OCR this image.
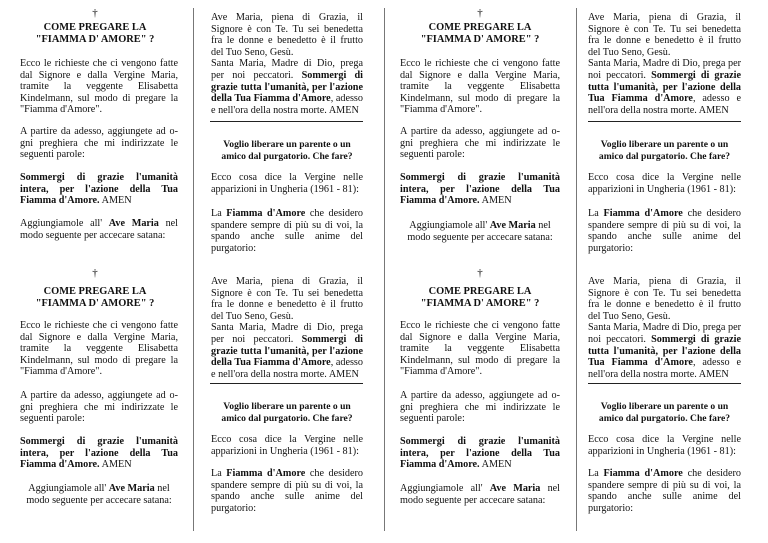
†
COME PREGARE LA
"FIAMMA D' AMORE" ?

Ecco le richieste che ci vengono fatte dal Signore e dalla Vergine Maria, tramite la veggente Elisabetta Kindelmann, sul modo di pregare la "Fiamma d'Amore".

A partire da adesso, aggiungete ad o-gni preghiera che mi indirizzate le seguenti parole:

Sommergi di grazie l'umanità intera, per l'azione della Tua Fiamma d'Amore. AMEN

Aggiungiamole all' Ave Maria nel modo seguente per accecare satana:

Ave Maria, piena di Grazia, il Signore è con Te. Tu sei benedetta fra le donne e benedetto è il frutto del Tuo Seno, Gesù.
Santa Maria, Madre di Dio, prega per noi peccatori. Sommergi di grazie tutta l'umanità, per l'azione della Tua Fiamma d'Amore, adesso e nell'ora della nostra morte. AMEN

Voglio liberare un parente o un amico dal purgatorio. Che fare?

Ecco cosa dice la Vergine nelle apparizioni in Ungheria (1961 - 81):

La Fiamma d'Amore che desidero spandere sempre di più su di voi, la spando anche sulle anime del purgatorio:

†
COME PREGARE LA
"FIAMMA D' AMORE" ?

Ecco le richieste che ci vengono fatte dal Signore e dalla Vergine Maria, tramite la veggente Elisabetta Kindelmann, sul modo di pregare la "Fiamma d'Amore".

A partire da adesso, aggiungete ad o-gni preghiera che mi indirizzate le seguenti parole:

Sommergi di grazie l'umanità intera, per l'azione della Tua Fiamma d'Amore. AMEN

Aggiungiamole all' Ave Maria nel modo seguente per accecare satana:

Ave Maria, piena di Grazia, il Signore è con Te. Tu sei benedetta fra le donne e benedetto è il frutto del Tuo Seno, Gesù.
Santa Maria, Madre di Dio, prega per noi peccatori. Sommergi di grazie tutta l'umanità, per l'azione della Tua Fiamma d'Amore, adesso e nell'ora della nostra morte. AMEN

Voglio liberare un parente o un amico dal purgatorio. Che fare?

Ecco cosa dice la Vergine nelle apparizioni in Ungheria (1961 - 81):

La Fiamma d'Amore che desidero spandere sempre di più su di voi, la spando anche sulle anime del purgatorio:

†
COME PREGARE LA
"FIAMMA D' AMORE" ?

Ecco le richieste che ci vengono fatte dal Signore e dalla Vergine Maria, tramite la veggente Elisabetta Kindelmann, sul modo di pregare la "Fiamma d'Amore".

A partire da adesso, aggiungete ad o-gni preghiera che mi indirizzate le seguenti parole:

Sommergi di grazie l'umanità intera, per l'azione della Tua Fiamma d'Amore. AMEN

Aggiungiamole all' Ave Maria nel modo seguente per accecare satana:

Ave Maria, piena di Grazia, il Signore è con Te. Tu sei benedetta fra le donne e benedetto è il frutto del Tuo Seno, Gesù.
Santa Maria, Madre di Dio, prega per noi peccatori. Sommergi di grazie tutta l'umanità, per l'azione della Tua Fiamma d'Amore, adesso e nell'ora della nostra morte. AMEN

Voglio liberare un parente o un amico dal purgatorio. Che fare?

Ecco cosa dice la Vergine nelle apparizioni in Ungheria (1961 - 81):

La Fiamma d'Amore che desidero spandere sempre di più su di voi, la spando anche sulle anime del purgatorio:

†
COME PREGARE LA
"FIAMMA D' AMORE" ?

Ecco le richieste che ci vengono fatte dal Signore e dalla Vergine Maria, tramite la veggente Elisabetta Kindelmann, sul modo di pregare la "Fiamma d'Amore".

A partire da adesso, aggiungete ad o-gni preghiera che mi indirizzate le seguenti parole:

Sommergi di grazie l'umanità intera, per l'azione della Tua Fiamma d'Amore. AMEN

Aggiungiamole all' Ave Maria nel modo seguente per accecare satana:

Ave Maria, piena di Grazia, il Signore è con Te. Tu sei benedetta fra le donne e benedetto è il frutto del Tuo Seno, Gesù.
Santa Maria, Madre di Dio, prega per noi peccatori. Sommergi di grazie tutta l'umanità, per l'azione della Tua Fiamma d'Amore, adesso e nell'ora della nostra morte. AMEN

Voglio liberare un parente o un amico dal purgatorio. Che fare?

Ecco cosa dice la Vergine nelle apparizioni in Ungheria (1961 - 81):

La Fiamma d'Amore che desidero spandere sempre di più su di voi, la spando anche sulle anime del purgatorio:
